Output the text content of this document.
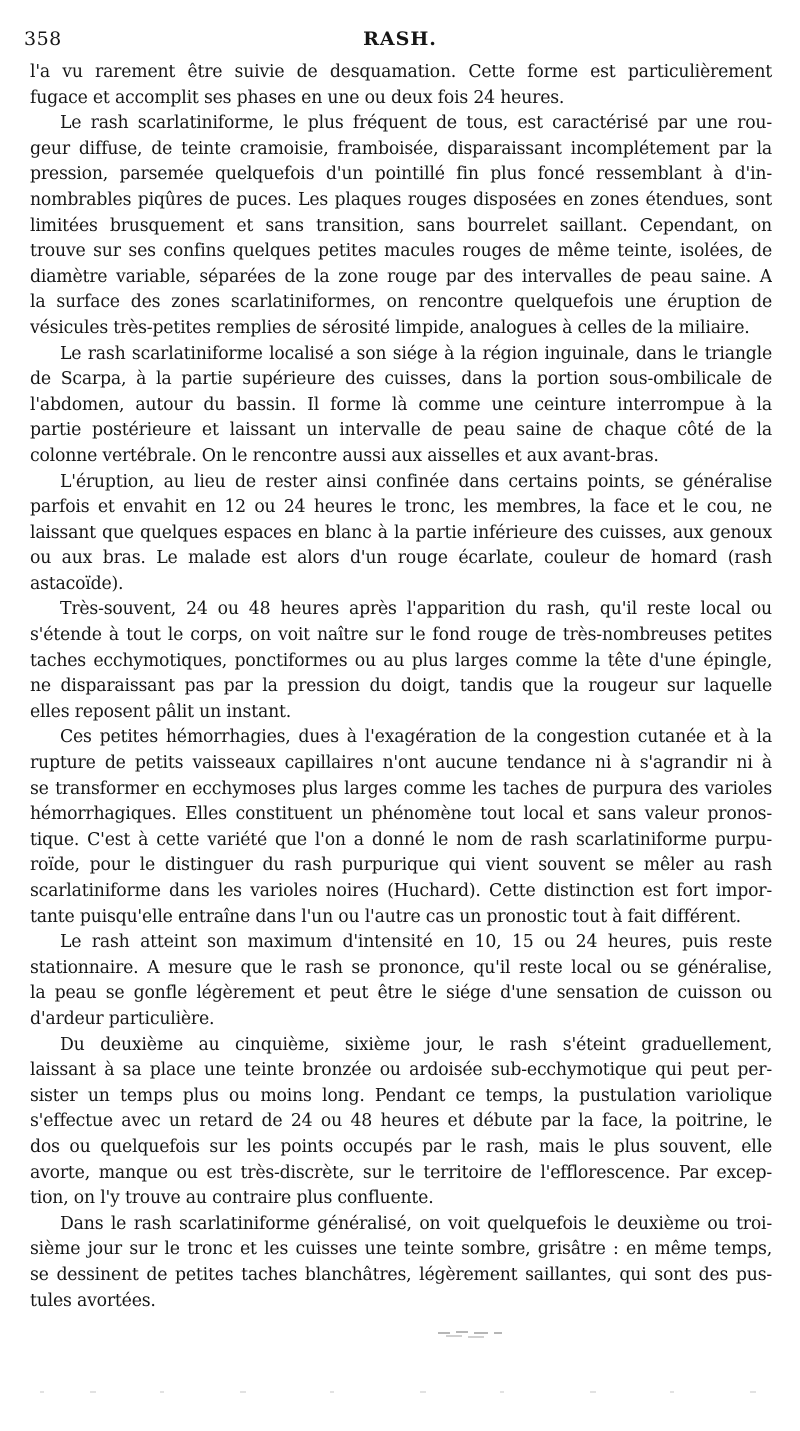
358	RASH.
l'a vu rarement être suivie de desquamation. Cette forme est particulièrement
fugace et accomplit ses phases en une ou deux fois 24 heures.
Le rash scarlatiniforme, le plus fréquent de tous, est caractérisé par une rou-
geur diffuse, de teinte cramoisie, framboisée, disparaissant incomplétement par la
pression, parsemée quelquefois d'un pointillé fin plus foncé ressemblant à d'in-
nombrables piqûres de puces. Les plaques rouges disposées en zones étendues, sont
limitées brusquement et sans transition, sans bourrelet saillant. Cependant, on
trouve sur ses confins quelques petites macules rouges de même teinte, isolées, de
diamètre variable, séparées de la zone rouge par des intervalles de peau saine. A
la surface des zones scarlatiniformes, on rencontre quelquefois une éruption de
vésicules très-petites remplies de sérosité limpide, analogues à celles de la miliaire.
Le rash scarlatiniforme localisé a son siége à la région inguinale, dans le triangle
de Scarpa, à la partie supérieure des cuisses, dans la portion sous-ombilicale de
l'abdomen, autour du bassin. Il forme là comme une ceinture interrompue à la
partie postérieure et laissant un intervalle de peau saine de chaque côté de la
colonne vertébrale. On le rencontre aussi aux aisselles et aux avant-bras.
L'éruption, au lieu de rester ainsi confinée dans certains points, se généralise
parfois et envahit en 12 ou 24 heures le tronc, les membres, la face et le cou, ne
laissant que quelques espaces en blanc à la partie inférieure des cuisses, aux genoux
ou aux bras. Le malade est alors d'un rouge écarlate, couleur de homard (rash
astacoïde).
Très-souvent, 24 ou 48 heures après l'apparition du rash, qu'il reste local ou
s'étende à tout le corps, on voit naître sur le fond rouge de très-nombreuses petites
taches ecchymotiques, ponctiformes ou au plus larges comme la tête d'une épingle,
ne disparaissant pas par la pression du doigt, tandis que la rougeur sur laquelle
elles reposent pâlit un instant.
Ces petites hémorrhagies, dues à l'exagération de la congestion cutanée et à la
rupture de petits vaisseaux capillaires n'ont aucune tendance ni à s'agrandir ni à
se transformer en ecchymoses plus larges comme les taches de purpura des varioles
hémorrhagiques. Elles constituent un phénomène tout local et sans valeur pronos-
tique. C'est à cette variété que l'on a donné le nom de rash scarlatiniforme purpu-
roïde, pour le distinguer du rash purpurique qui vient souvent se mêler au rash
scarlatiniforme dans les varioles noires (Huchard). Cette distinction est fort impor-
tante puisqu'elle entraîne dans l'un ou l'autre cas un pronostic tout à fait différent.
Le rash atteint son maximum d'intensité en 10, 15 ou 24 heures, puis reste
stationnaire. A mesure que le rash se prononce, qu'il reste local ou se généralise,
la peau se gonfle légèrement et peut être le siége d'une sensation de cuisson ou
d'ardeur particulière.
Du deuxième au cinquième, sixième jour, le rash s'éteint graduellement,
laissant à sa place une teinte bronzée ou ardoisée sub-ecchymotique qui peut per-
sister un temps plus ou moins long. Pendant ce temps, la pustulation variolique
s'effectue avec un retard de 24 ou 48 heures et débute par la face, la poitrine, le
dos ou quelquefois sur les points occupés par le rash, mais le plus souvent, elle
avorte, manque ou est très-discrète, sur le territoire de l'efflorescence. Par excep-
tion, on l'y trouve au contraire plus confluente.
Dans le rash scarlatiniforme généralisé, on voit quelquefois le deuxième ou troi-
sième jour sur le tronc et les cuisses une teinte sombre, grisâtre : en même temps,
se dessinent de petites taches blanchâtres, légèrement saillantes, qui sont des pus-
tules avortées.
